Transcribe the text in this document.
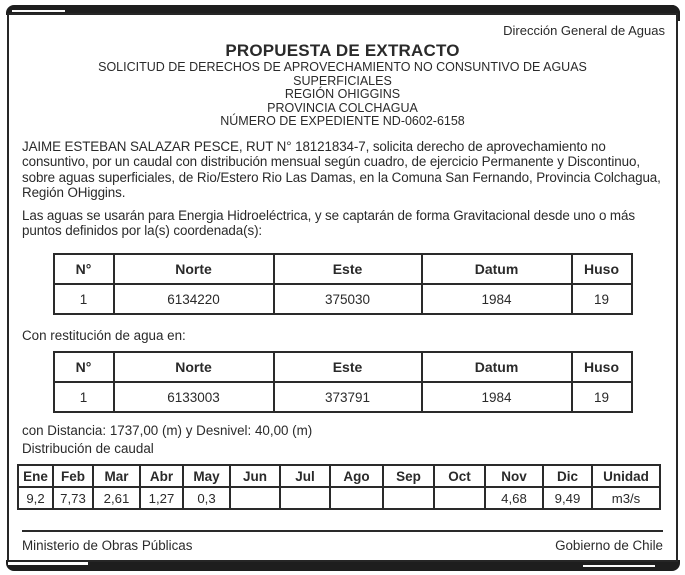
Dirección General de Aguas
PROPUESTA DE EXTRACTO
SOLICITUD DE DERECHOS DE APROVECHAMIENTO NO CONSUNTIVO DE AGUAS
SUPERFICIALES
REGIÓN OHIGGINS
PROVINCIA COLCHAGUA
NÚMERO DE EXPEDIENTE ND-0602-6158

JAIME ESTEBAN SALAZAR PESCE, RUT N° 18121834-7, solicita derecho de aprovechamiento no consuntivo, por un caudal con distribución mensual según cuadro, de ejercicio Permanente y Discontinuo, sobre aguas superficiales, de Rio/Estero Rio Las Damas, en la Comuna San Fernando, Provincia Colchagua, Región OHiggins.

Las aguas se usarán para Energia Hidroeléctrica, y se captarán de forma Gravitacional desde uno o más puntos definidos por la(s) coordenada(s):

N°	Norte	Este	Datum	Huso
1	6134220	375030	1984	19
Con restitución de agua en:
N°	Norte	Este	Datum	Huso
1	6133003	373791	1984	19
con Distancia: 1737,00 (m) y Desnivel: 40,00 (m)
Distribución de caudal
Ene	Feb	Mar	Abr	May	Jun	Jul	Ago	Sep	Oct	Nov	Dic	Unidad
9,2	7,73	2,61	1,27	0,3						4,68	9,49	m3/s
Ministerio de Obras Públicas	Gobierno de Chile
